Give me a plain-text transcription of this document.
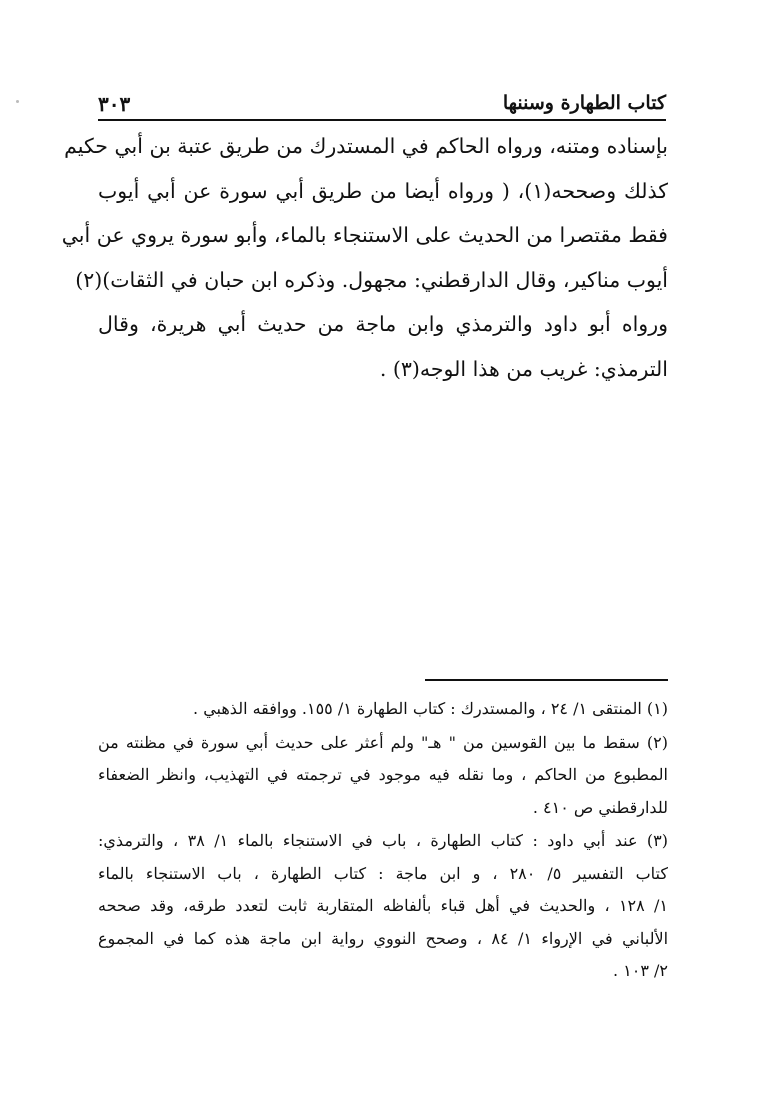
كتاب الطهارة وسننها
٣٠٣
بإسناده ومتنه، ورواه الحاكم في المستدرك من طريق عتبة بن أبي حكيم
كذلك وصححه(١)، ( ورواه أيضا من طريق أبي سورة عن أبي أيوب
فقط مقتصرا من الحديث على الاستنجاء بالماء، وأبو سورة يروي عن أبي
أيوب مناكير، وقال الدارقطني: مجهول. وذكره ابن حبان في الثقات)(٢)
ورواه أبو داود والترمذي وابن ماجة من حديث أبي هريرة، وقال
الترمذي: غريب من هذا الوجه(٣) .
(١) المنتقى ١/ ٢٤ ، والمستدرك : كتاب الطهارة ١/ ١٥٥. ووافقه الذهبي .
(٢) سقط ما بين القوسين من " هـ" ولم أعثر على حديث أبي سورة في مظنته من
المطبوع من الحاكم ، وما نقله فيه موجود في ترجمته في التهذيب، وانظر الضعفاء
للدارقطني ص ٤١٠ .
(٣) عند أبي داود : كتاب الطهارة ، باب في الاستنجاء بالماء ١/ ٣٨ ، والترمذي:
كتاب التفسير ٥/ ٢٨٠ ، و ابن ماجة : كتاب الطهارة ، باب الاستنجاء بالماء
١/ ١٢٨ ، والحديث في أهل قباء بألفاظه المتقاربة ثابت لتعدد طرقه، وقد صححه
الألباني في الإرواء ١/ ٨٤ ، وصحح النووي رواية ابن ماجة هذه كما في المجموع
٢/ ١٠٣ .
